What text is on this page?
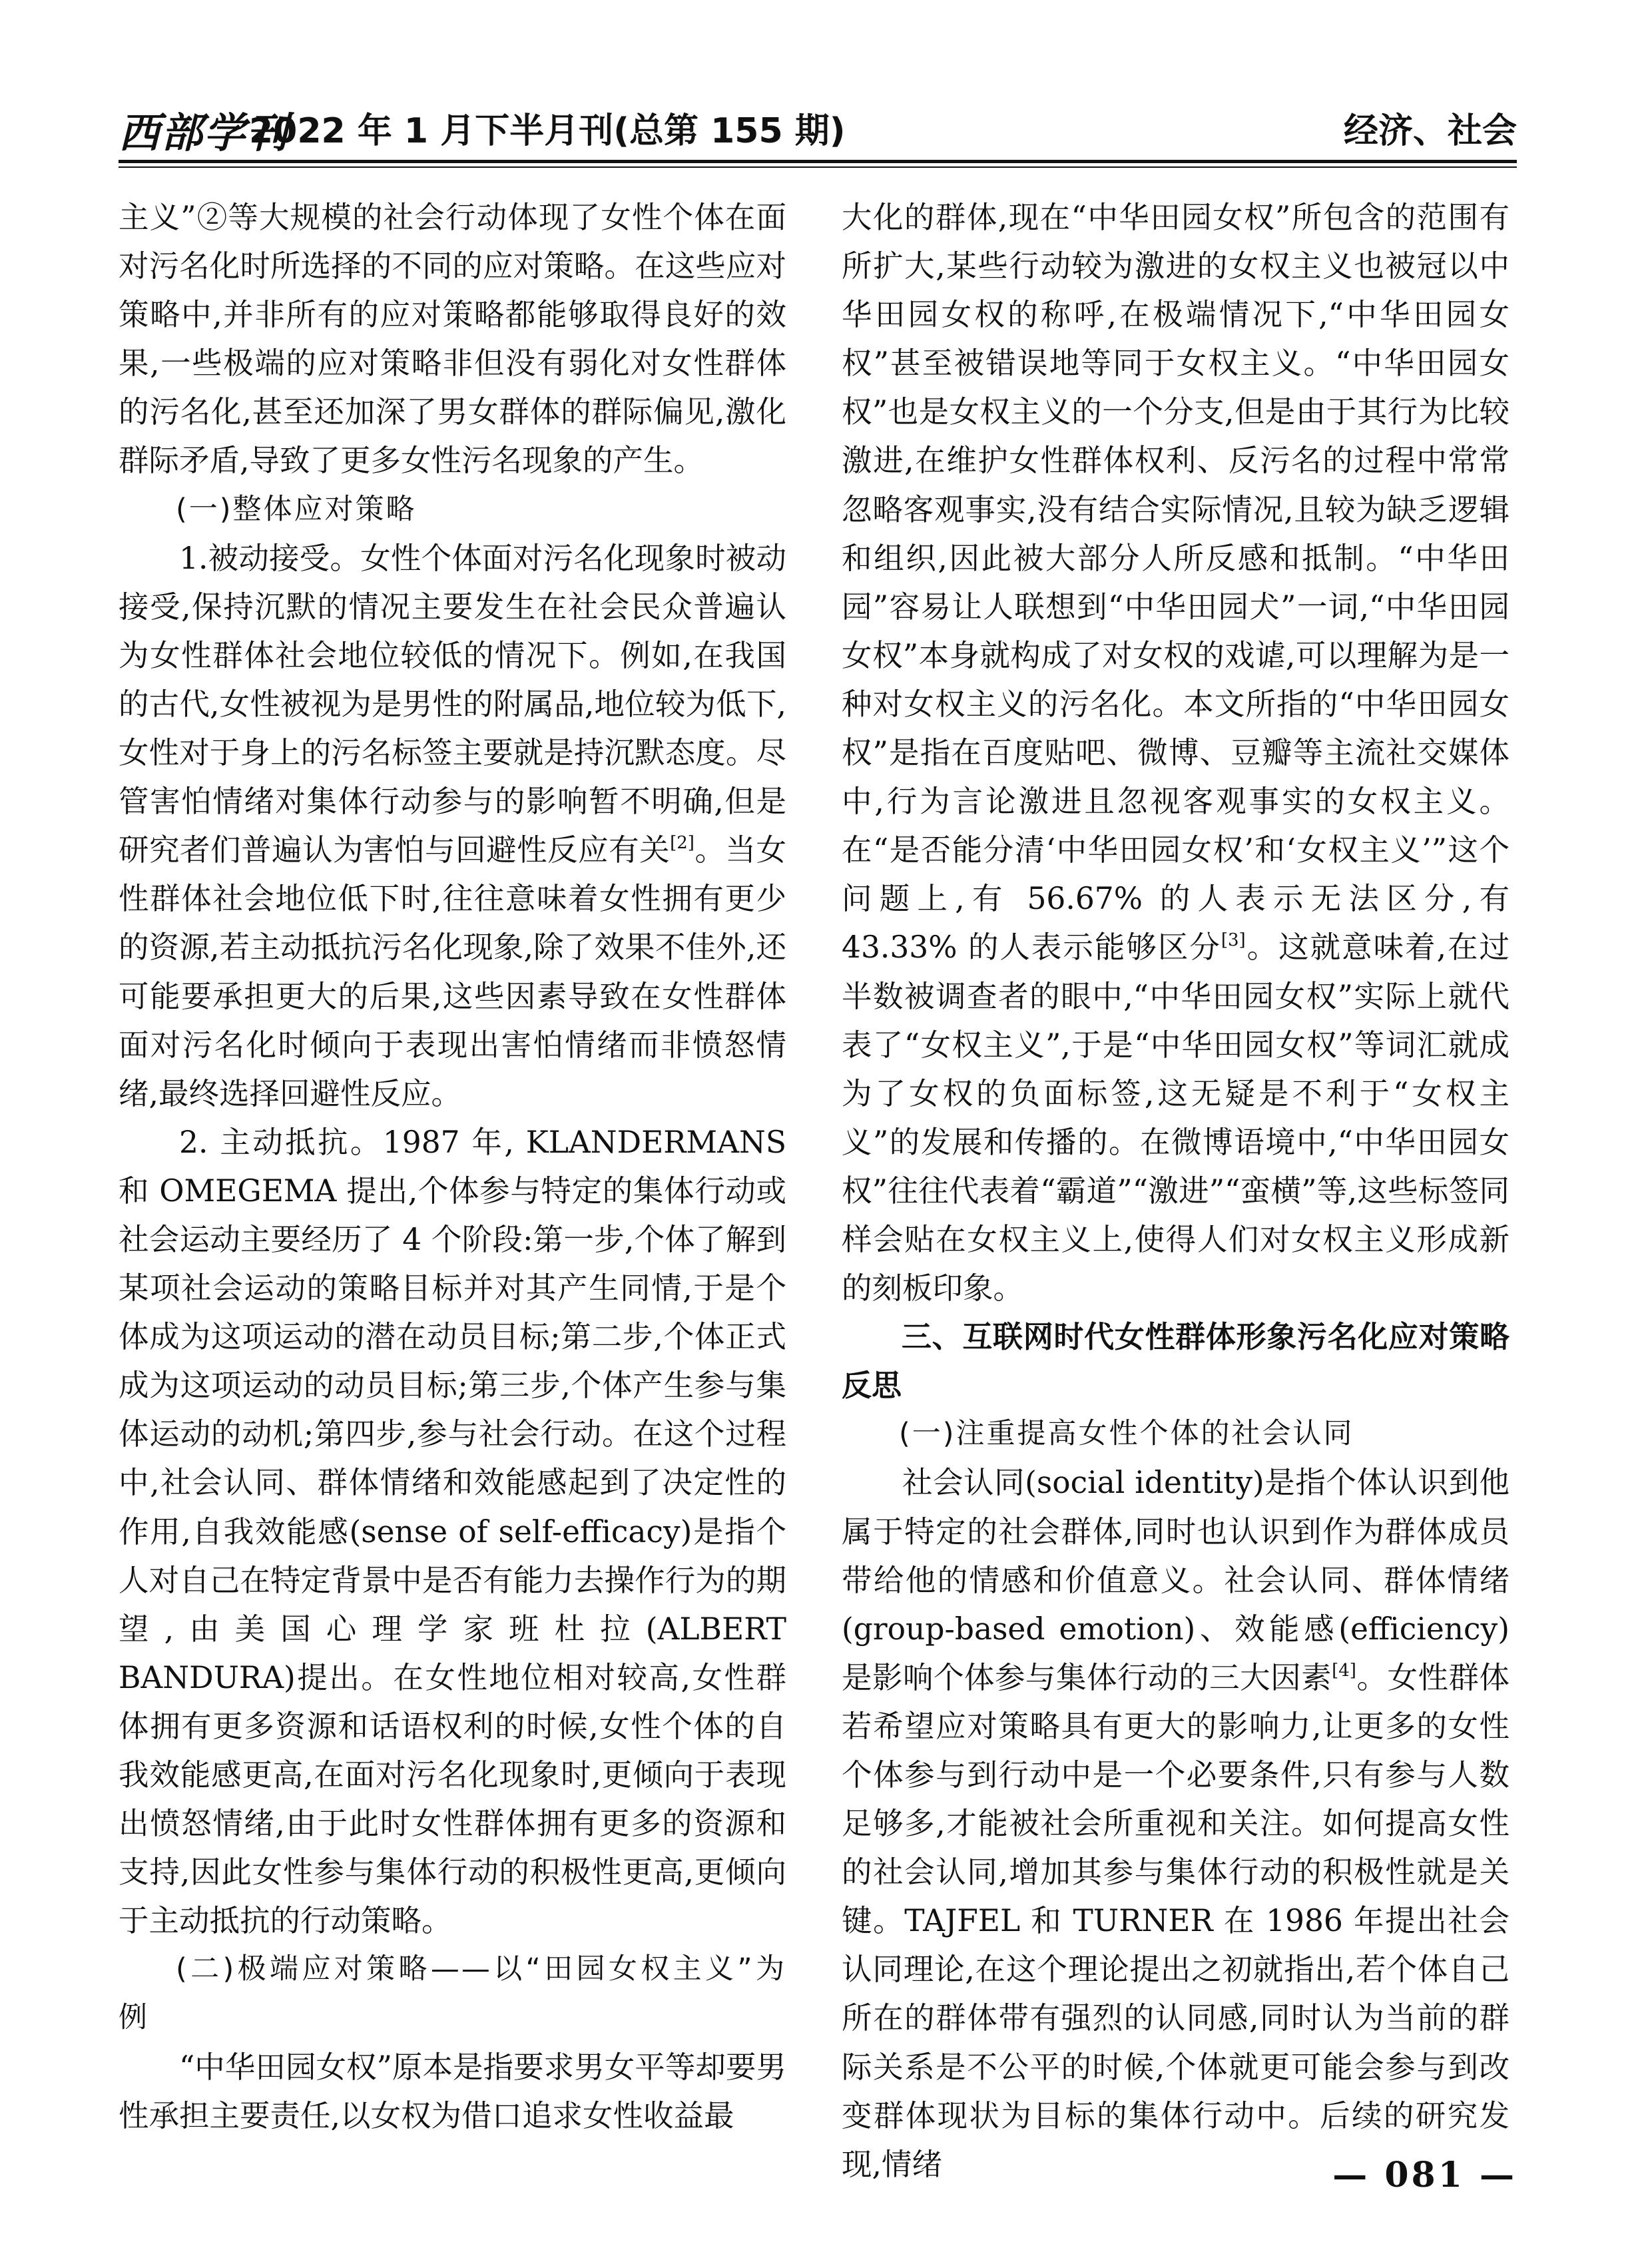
西部学刊
2022 年 1 月下半月刊(总第 155 期)	经济、社会

主义”②等大规模的社会行动体现了女性个体在面对污名化时所选择的不同的应对策略。在这些应对策略中,并非所有的应对策略都能够取得良好的效果,一些极端的应对策略非但没有弱化对女性群体的污名化,甚至还加深了男女群体的群际偏见,激化群际矛盾,导致了更多女性污名现象的产生。

(一)整体应对策略

1.被动接受。女性个体面对污名化现象时被动接受,保持沉默的情况主要发生在社会民众普遍认为女性群体社会地位较低的情况下。例如,在我国的古代,女性被视为是男性的附属品,地位较为低下,女性对于身上的污名标签主要就是持沉默态度。尽管害怕情绪对集体行动参与的影响暂不明确,但是研究者们普遍认为害怕与回避性反应有关[2]。当女性群体社会地位低下时,往往意味着女性拥有更少的资源,若主动抵抗污名化现象,除了效果不佳外,还可能要承担更大的后果,这些因素导致在女性群体面对污名化时倾向于表现出害怕情绪而非愤怒情绪,最终选择回避性反应。

2. 主动抵抗。1987 年, KLANDERMANS 和 OMEGEMA 提出,个体参与特定的集体行动或社会运动主要经历了 4 个阶段:第一步,个体了解到某项社会运动的策略目标并对其产生同情,于是个体成为这项运动的潜在动员目标;第二步,个体正式成为这项运动的动员目标;第三步,个体产生参与集体运动的动机;第四步,参与社会行动。在这个过程中,社会认同、群体情绪和效能感起到了决定性的作用,自我效能感(sense of self-efficacy)是指个人对自己在特定背景中是否有能力去操作行为的期望,由美国心理学家班杜拉(ALBERT BANDURA)提出。在女性地位相对较高,女性群体拥有更多资源和话语权利的时候,女性个体的自我效能感更高,在面对污名化现象时,更倾向于表现出愤怒情绪,由于此时女性群体拥有更多的资源和支持,因此女性参与集体行动的积极性更高,更倾向于主动抵抗的行动策略。

(二)极端应对策略——以“田园女权主义”为例

“中华田园女权”原本是指要求男女平等却要男性承担主要责任,以女权为借口追求女性收益最

大化的群体,现在“中华田园女权”所包含的范围有所扩大,某些行动较为激进的女权主义也被冠以中华田园女权的称呼,在极端情况下,“中华田园女权”甚至被错误地等同于女权主义。“中华田园女权”也是女权主义的一个分支,但是由于其行为比较激进,在维护女性群体权利、反污名的过程中常常忽略客观事实,没有结合实际情况,且较为缺乏逻辑和组织,因此被大部分人所反感和抵制。“中华田园”容易让人联想到“中华田园犬”一词,“中华田园女权”本身就构成了对女权的戏谑,可以理解为是一种对女权主义的污名化。本文所指的“中华田园女权”是指在百度贴吧、微博、豆瓣等主流社交媒体中,行为言论激进且忽视客观事实的女权主义。在“是否能分清‘中华田园女权’和‘女权主义’”这个问题上,有 56.67% 的人表示无法区分,有 43.33% 的人表示能够区分[3]。这就意味着,在过半数被调查者的眼中,“中华田园女权”实际上就代表了“女权主义”,于是“中华田园女权”等词汇就成为了女权的负面标签,这无疑是不利于“女权主义”的发展和传播的。在微博语境中,“中华田园女权”往往代表着“霸道”“激进”“蛮横”等,这些标签同样会贴在女权主义上,使得人们对女权主义形成新的刻板印象。

三、互联网时代女性群体形象污名化应对策略反思

(一)注重提高女性个体的社会认同

社会认同(social identity)是指个体认识到他属于特定的社会群体,同时也认识到作为群体成员带给他的情感和价值意义。社会认同、群体情绪(group-based emotion)、效能感(efficiency)是影响个体参与集体行动的三大因素[4]。女性群体若希望应对策略具有更大的影响力,让更多的女性个体参与到行动中是一个必要条件,只有参与人数足够多,才能被社会所重视和关注。如何提高女性的社会认同,增加其参与集体行动的积极性就是关键。TAJFEL 和 TURNER 在 1986 年提出社会认同理论,在这个理论提出之初就指出,若个体自己所在的群体带有强烈的认同感,同时认为当前的群际关系是不公平的时候,个体就更可能会参与到改变群体现状为目标的集体行动中。后续的研究发现,情绪	— 081 —
